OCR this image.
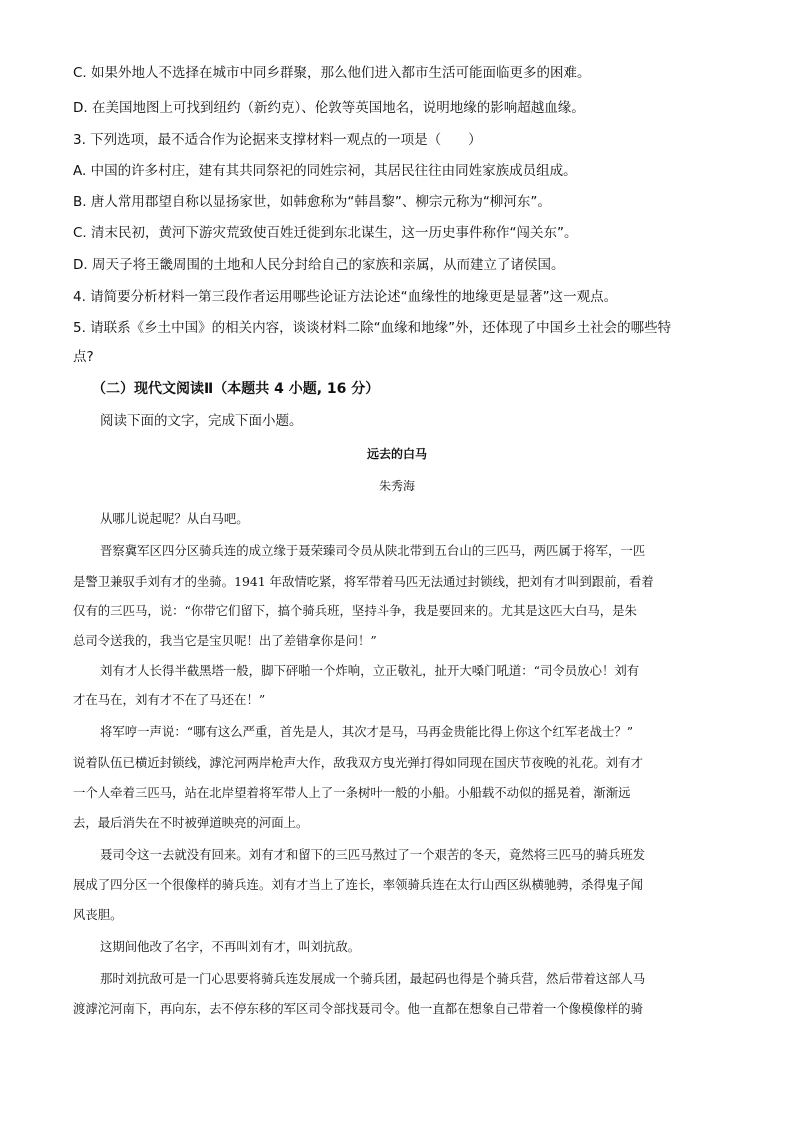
C. 如果外地人不选择在城市中同乡群聚，那么他们进入都市生活可能面临更多的困难。
D. 在美国地图上可找到纽约（新约克）、伦敦等英国地名，说明地缘的影响超越血缘。
3. 下列选项，最不适合作为论据来支撑材料一观点的一项是（　　）
A. 中国的许多村庄，建有其共同祭祀的同姓宗祠，其居民往往由同姓家族成员组成。
B. 唐人常用郡望自称以显扬家世，如韩愈称为“韩昌黎”、柳宗元称为“柳河东”。
C. 清末民初，黄河下游灾荒致使百姓迁徙到东北谋生，这一历史事件称作“闯关东”。
D. 周天子将王畿周围的土地和人民分封给自己的家族和亲属，从而建立了诸侯国。
4. 请简要分析材料一第三段作者运用哪些论证方法论述“血缘性的地缘更是显著”这一观点。
5. 请联系《乡土中国》的相关内容，谈谈材料二除“血缘和地缘”外，还体现了中国乡土社会的哪些特
点?
（二）现代文阅读Ⅱ（本题共 4 小题, 16 分）
阅读下面的文字，完成下面小题。
远去的白马
朱秀海
从哪儿说起呢？从白马吧。
晋察冀军区四分区骑兵连的成立缘于聂荣臻司令员从陕北带到五台山的三匹马，两匹属于将军，一匹
是警卫兼驭手刘有才的坐骑。1941 年敌情吃紧，将军带着马匹无法通过封锁线，把刘有才叫到跟前，看着
仅有的三匹马，说：“你带它们留下，搞个骑兵班，坚持斗争，我是要回来的。尤其是这匹大白马，是朱
总司令送我的，我当它是宝贝呢！出了差错拿你是问！”
刘有才人长得半截黑塔一般，脚下砰啪一个炸响，立正敬礼，扯开大嗓门吼道：“司令员放心！刘有
才在马在，刘有才不在了马还在！”
将军哼一声说：“哪有这么严重，首先是人，其次才是马，马再金贵能比得上你这个红军老战士？”
说着队伍已横近封锁线，滹沱河两岸枪声大作，敌我双方曳光弹打得如同现在国庆节夜晚的礼花。刘有才
一个人牵着三匹马，站在北岸望着将军带人上了一条树叶一般的小船。小船载不动似的摇晃着，渐渐远
去，最后消失在不时被弹道映亮的河面上。
聂司令这一去就没有回来。刘有才和留下的三匹马熬过了一个艰苦的冬天，竟然将三匹马的骑兵班发
展成了四分区一个很像样的骑兵连。刘有才当上了连长，率领骑兵连在太行山西区纵横驰骋，杀得鬼子闻
风丧胆。
这期间他改了名字，不再叫刘有才，叫刘抗敌。
那时刘抗敌可是一门心思要将骑兵连发展成一个骑兵团，最起码也得是个骑兵营，然后带着这部人马
渡滹沱河南下，再向东，去不停东移的军区司令部找聂司令。他一直都在想象自己带着一个像模像样的骑
